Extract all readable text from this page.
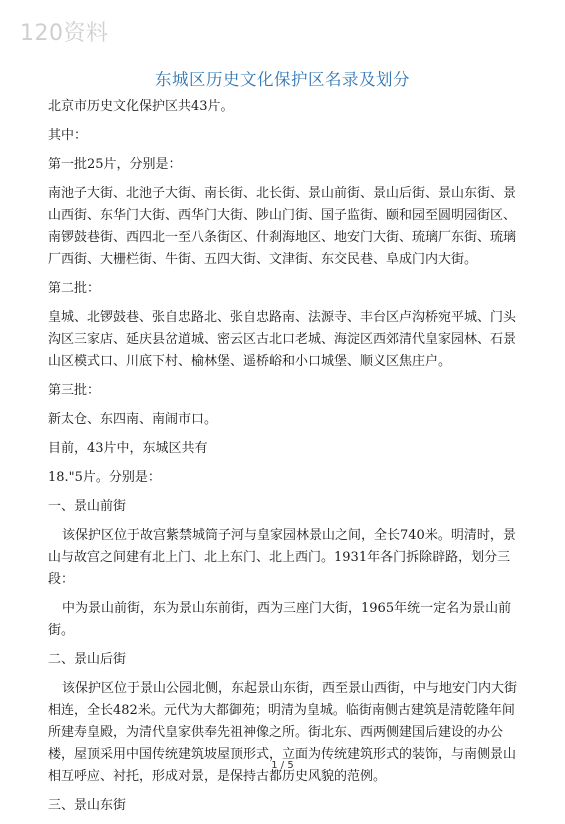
120资料
东城区历史文化保护区名录及划分

北京市历史文化保护区共43片。

其中：

第一批25片，分别是：

南池子大街、北池子大街、南长街、北长街、景山前街、景山后街、景山东街、景山西街、东华门大街、西华门大街、陟山门街、国子监街、颐和园至圆明园街区、南锣鼓巷街、西四北一至八条街区、什刹海地区、地安门大街、琉璃厂东街、琉璃厂西街、大栅栏街、牛街、五四大街、文津街、东交民巷、阜成门内大街。

第二批：

皇城、北锣鼓巷、张自忠路北、张自忠路南、法源寺、丰台区卢沟桥宛平城、门头沟区三家店、延庆县岔道城、密云区古北口老城、海淀区西郊清代皇家园林、石景山区模式口、川底下村、榆林堡、遥桥峪和小口城堡、顺义区焦庄户。

第三批：

新太仓、东四南、南闹市口。

目前，43片中，东城区共有

18."5片。分别是：

一、景山前街

该保护区位于故宫紫禁城筒子河与皇家园林景山之间，全长740米。明清时，景山与故宫之间建有北上门、北上东门、北上西门。1931年各门拆除辟路，划分三段：

中为景山前街，东为景山东前街，西为三座门大街，1965年统一定名为景山前街。

二、景山后街

该保护区位于景山公园北侧，东起景山东街，西至景山西街，中与地安门内大街相连，全长482米。元代为大都御苑；明清为皇城。临街南侧古建筑是清乾隆年间所建寿皇殿，为清代皇家供奉先祖神像之所。街北东、西两侧建国后建设的办公楼，屋顶采用中国传统建筑坡屋顶形式，立面为传统建筑形式的装饰，与南侧景山相互呼应、衬托，形成对景，是保持古都历史风貌的范例。

三、景山东街

1 / 5
